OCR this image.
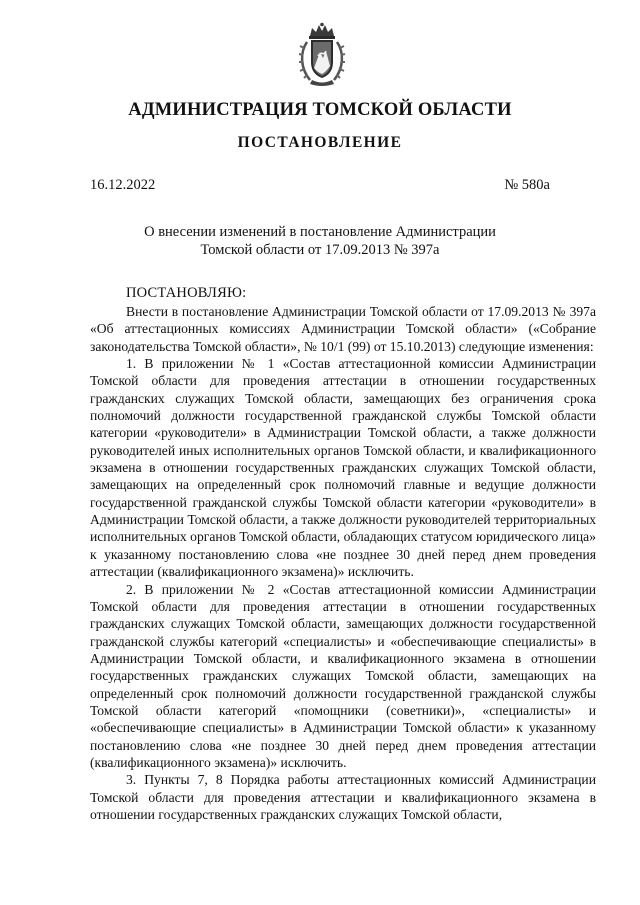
АДМИНИСТРАЦИЯ ТОМСКОЙ ОБЛАСТИ
ПОСТАНОВЛЕНИЕ
16.12.2022	№ 580а
О внесении изменений в постановление Администрации
Томской области от 17.09.2013 № 397а
ПОСТАНОВЛЯЮ:

Внести в постановление Администрации Томской области от 17.09.2013 № 397а «Об аттестационных комиссиях Администрации Томской области» («Собрание законодательства Томской области», № 10/1 (99) от 15.10.2013) следующие изменения:

1. В приложении № 1 «Состав аттестационной комиссии Администрации Томской области для проведения аттестации в отношении государственных гражданских служащих Томской области, замещающих без ограничения срока полномочий должности государственной гражданской службы Томской области категории «руководители» в Администрации Томской области, а также должности руководителей иных исполнительных органов Томской области, и квалификационного экзамена в отношении государственных гражданских служащих Томской области, замещающих на определенный срок полномочий главные и ведущие должности государственной гражданской службы Томской области категории «руководители» в Администрации Томской области, а также должности руководителей территориальных исполнительных органов Томской области, обладающих статусом юридического лица» к указанному постановлению слова «не позднее 30 дней перед днем проведения аттестации (квалификационного экзамена)» исключить.

2. В приложении № 2 «Состав аттестационной комиссии Администрации Томской области для проведения аттестации в отношении государственных гражданских служащих Томской области, замещающих должности государственной гражданской службы категорий «специалисты» и «обеспечивающие специалисты» в Администрации Томской области, и квалификационного экзамена в отношении государственных гражданских служащих Томской области, замещающих на определенный срок полномочий должности государственной гражданской службы Томской области категорий «помощники (советники)», «специалисты» и «обеспечивающие специалисты» в Администрации Томской области» к указанному постановлению слова «не позднее 30 дней перед днем проведения аттестации (квалификационного экзамена)» исключить.

3. Пункты 7, 8 Порядка работы аттестационных комиссий Администрации Томской области для проведения аттестации и квалификационного экзамена в отношении государственных гражданских служащих Томской области,
